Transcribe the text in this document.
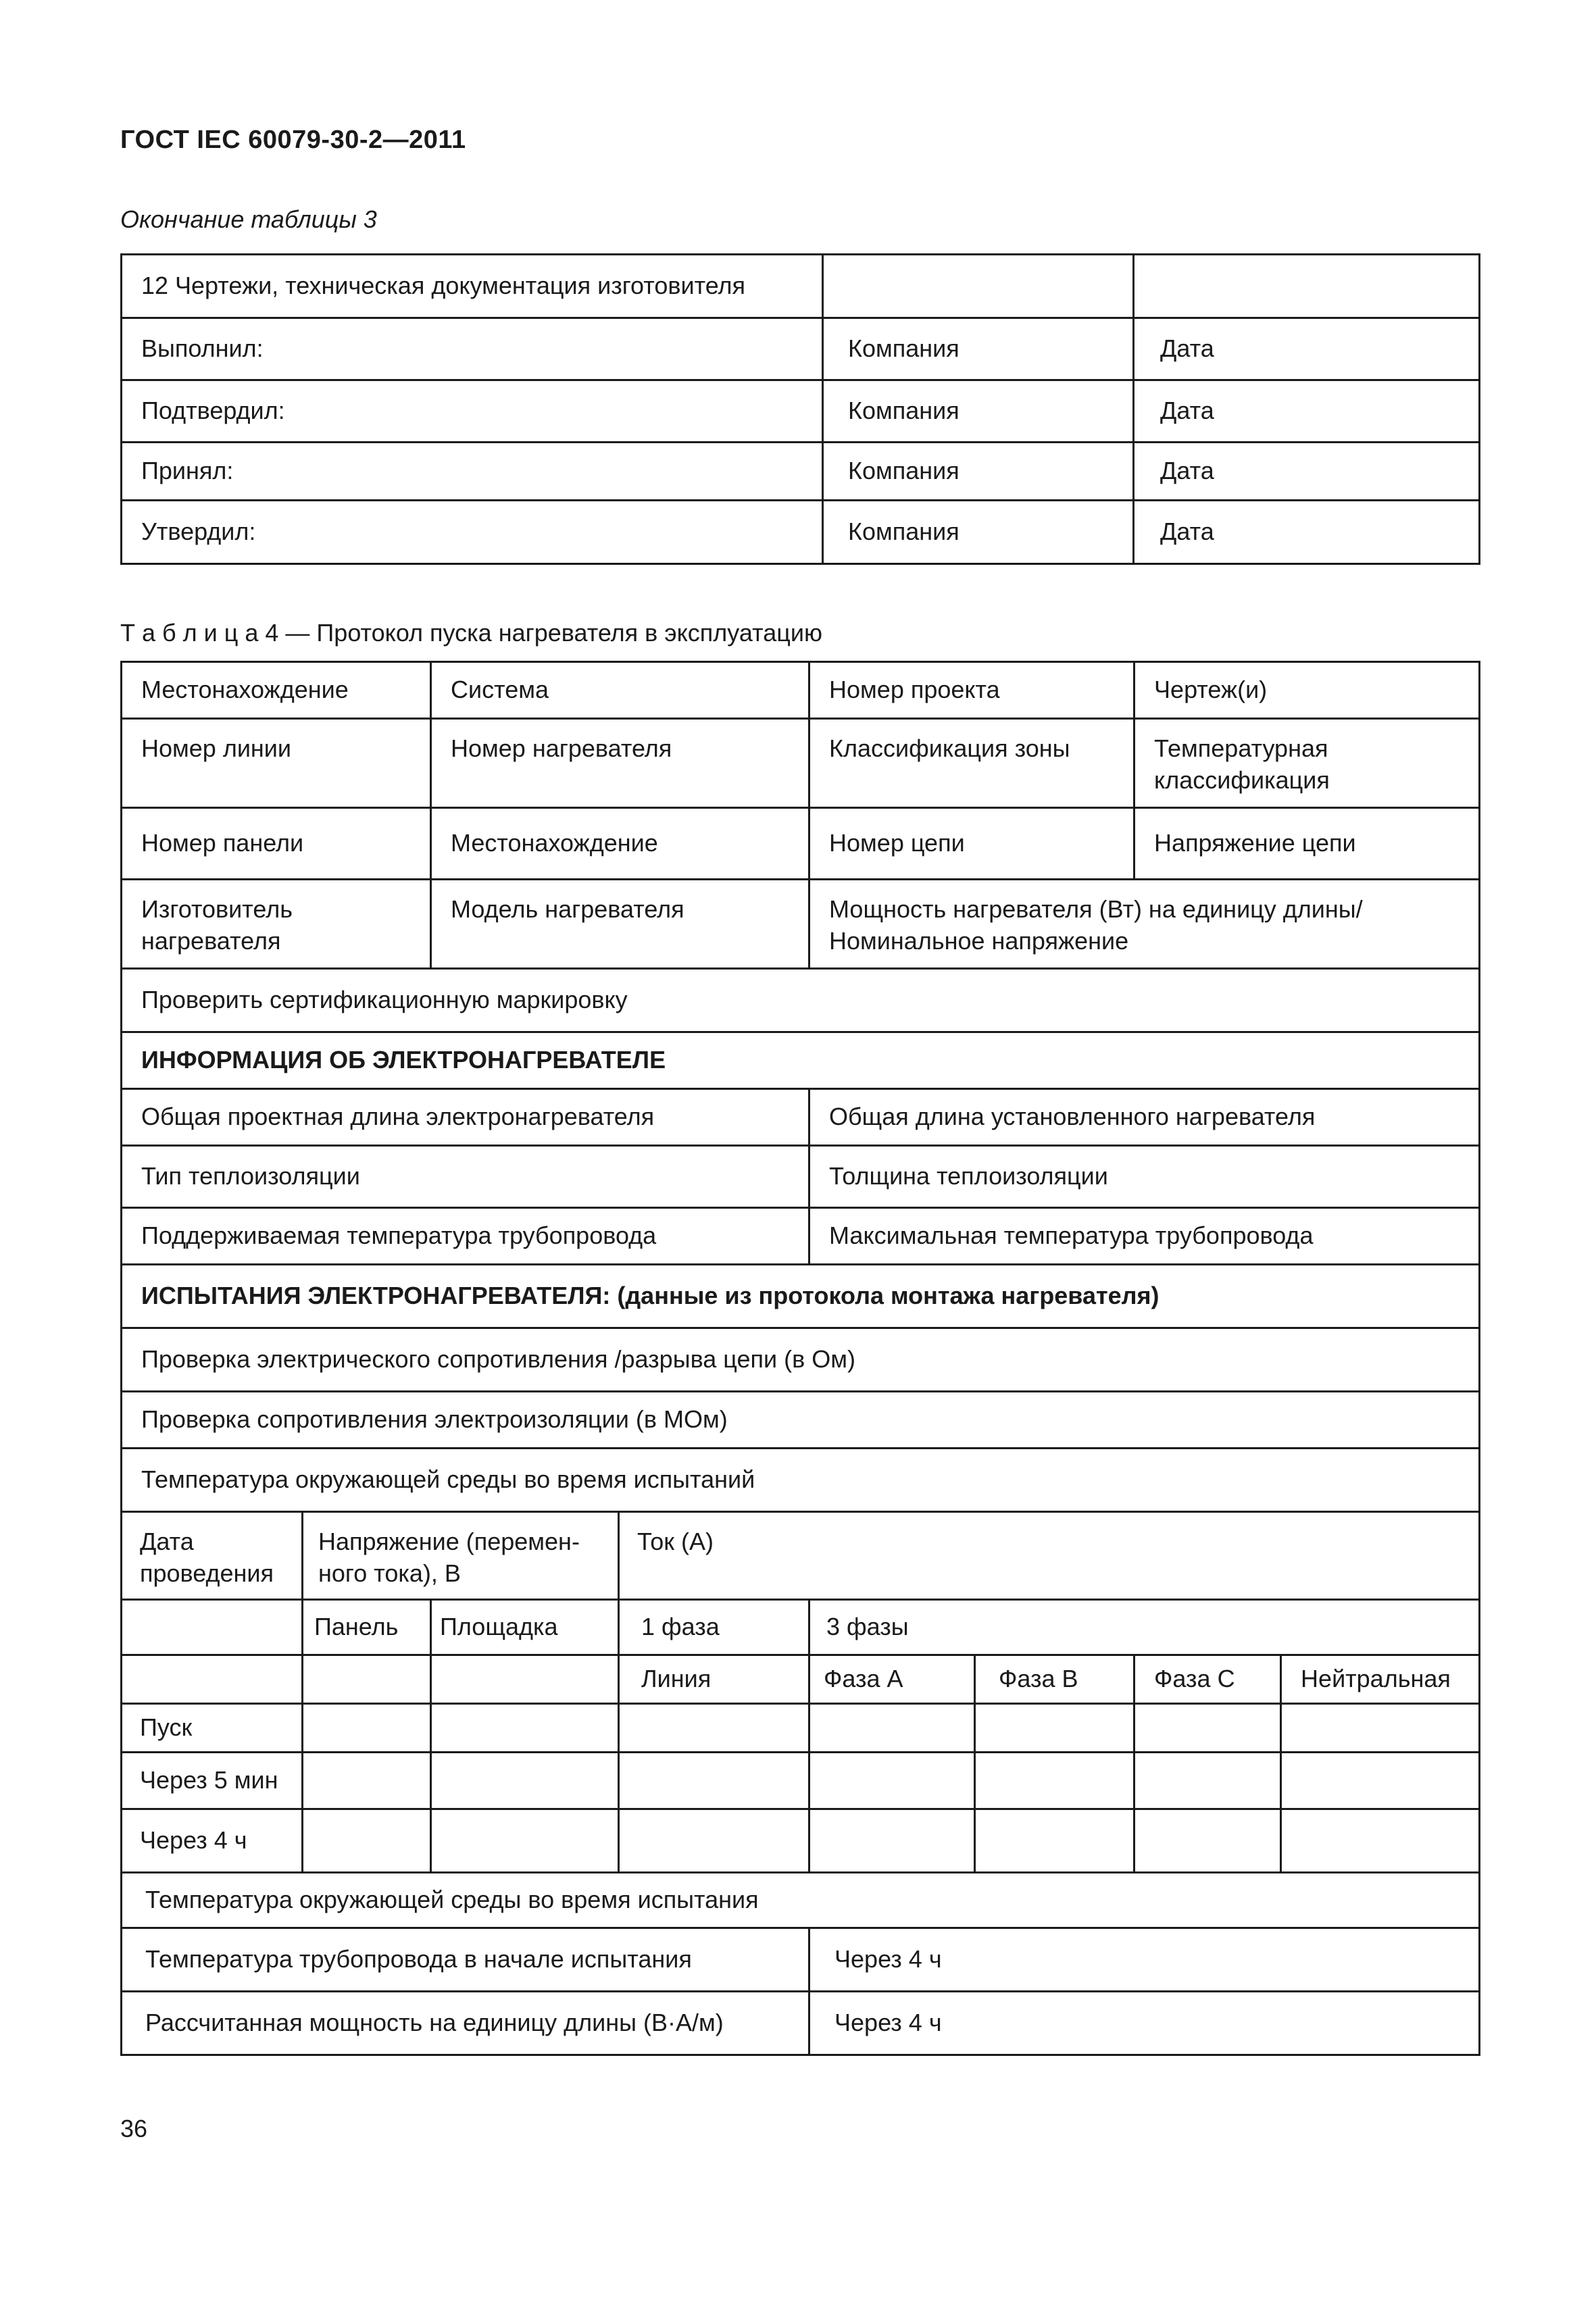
ГОСТ IEC 60079-30-2—2011
Окончание таблицы 3
12 Чертежи, техническая документация изготовителя		
Выполнил:	Компания	Дата
Подтвердил:	Компания	Дата
Принял:	Компания	Дата
Утвердил:	Компания	Дата
Т а б л и ц а 4 — Протокол пуска нагревателя в эксплуатацию
Местонахождение		Система		Номер проекта		Чертеж(и)	
Номер линии		Номер нагревателя		Классификация зоны		Температурная классификация	
Номер панели		Местонахождение		Номер цепи		Напряжение цепи	
Изготовитель нагревателя		Модель нагревателя		Мощность нагревателя (Вт) на единицу длины/ Номинальное напряжение			
Проверить сертификационную маркировку							
ИНФОРМАЦИЯ ОБ ЭЛЕКТРОНАГРЕВАТЕЛЕ							
Общая проектная длина электронагревателя				Общая длина установленного нагревателя			
Тип теплоизоляции				Толщина теплоизоляции			
Поддерживаемая температура трубопровода				Максимальная температура трубопровода			
ИСПЫТАНИЯ ЭЛЕКТРОНАГРЕВАТЕЛЯ: (данные из протокола монтажа нагревателя)							
Проверка электрического сопротивления /разрыва цепи (в Ом)							
Проверка сопротивления электроизоляции (в МОм)							
Температура окружающей среды во время испытаний							
Дата проведения	Напряжение (перемен-ного тока), В		Ток (А)				
	Панель	Площадка	1 фаза	3 фазы			
			Линия	Фаза А	Фаза В	Фаза С	Нейтральная
Пуск							
Через 5 мин							
Через 4 ч							
Температура окружающей среды во время испытания							
Температура трубопровода в начале испытания				Через 4 ч			
Рассчитанная мощность на единицу длины (В·А/м)				Через 4 ч			
36
